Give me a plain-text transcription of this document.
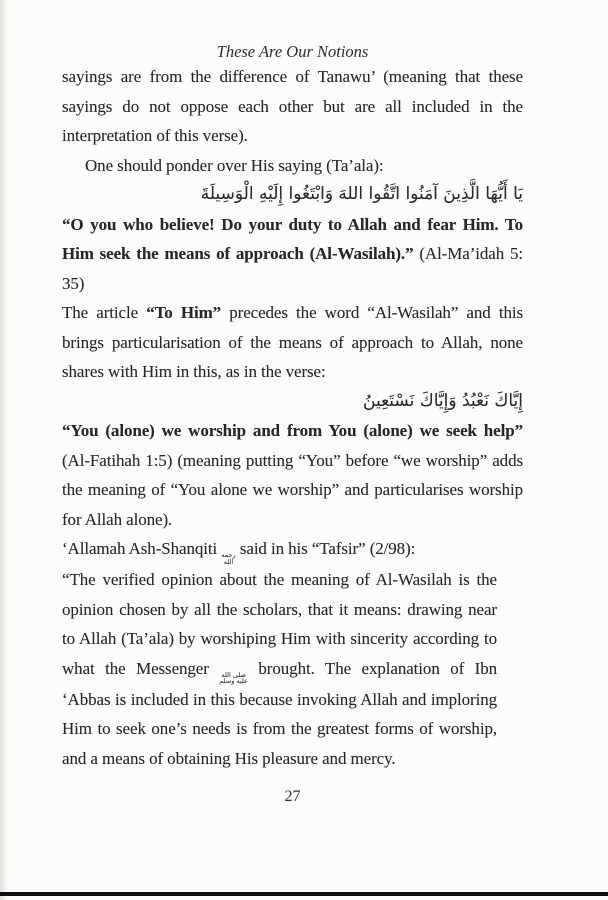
These Are Our Notions

sayings are from the difference of Tanawu’ (meaning that these sayings do not oppose each other but are all included in the interpretation of this verse).

One should ponder over His saying (Ta’ala):

يَا أَيُّهَا الَّذِينَ آمَنُوا اتَّقُوا اللهَ وَابْتَغُوا إِلَيْهِ الْوَسِيلَةَ

“O you who believe! Do your duty to Allah and fear Him. To Him seek the means of approach (Al-Wasilah).” (Al-Ma’idah 5: 35)

The article “To Him” precedes the word “Al-Wasilah” and this brings particularisation of the means of approach to Allah, none shares with Him in this, as in the verse:

إِيَّاكَ نَعْبُدُ وَإِيَّاكَ نَسْتَعِينُ

“You (alone) we worship and from You (alone) we seek help” (Al-Fatihah 1:5) (meaning putting “You” before “we worship” adds the meaning of “You alone we worship” and particularises worship for Allah alone).

‘Allamah Ash-Shanqiti رحمه
الله
said in his “Tafsir” (2/98):

“The verified opinion about the meaning of Al-Wasilah is the opinion chosen by all the scholars, that it means: drawing near to Allah (Ta’ala) by worshiping Him with sincerity according to what the Messenger صلى الله
عليه وسلم
brought. The explanation of Ibn ‘Abbas is included in this because invoking Allah and imploring Him to seek one’s needs is from the greatest forms of worship, and a means of obtaining His pleasure and mercy.

27
